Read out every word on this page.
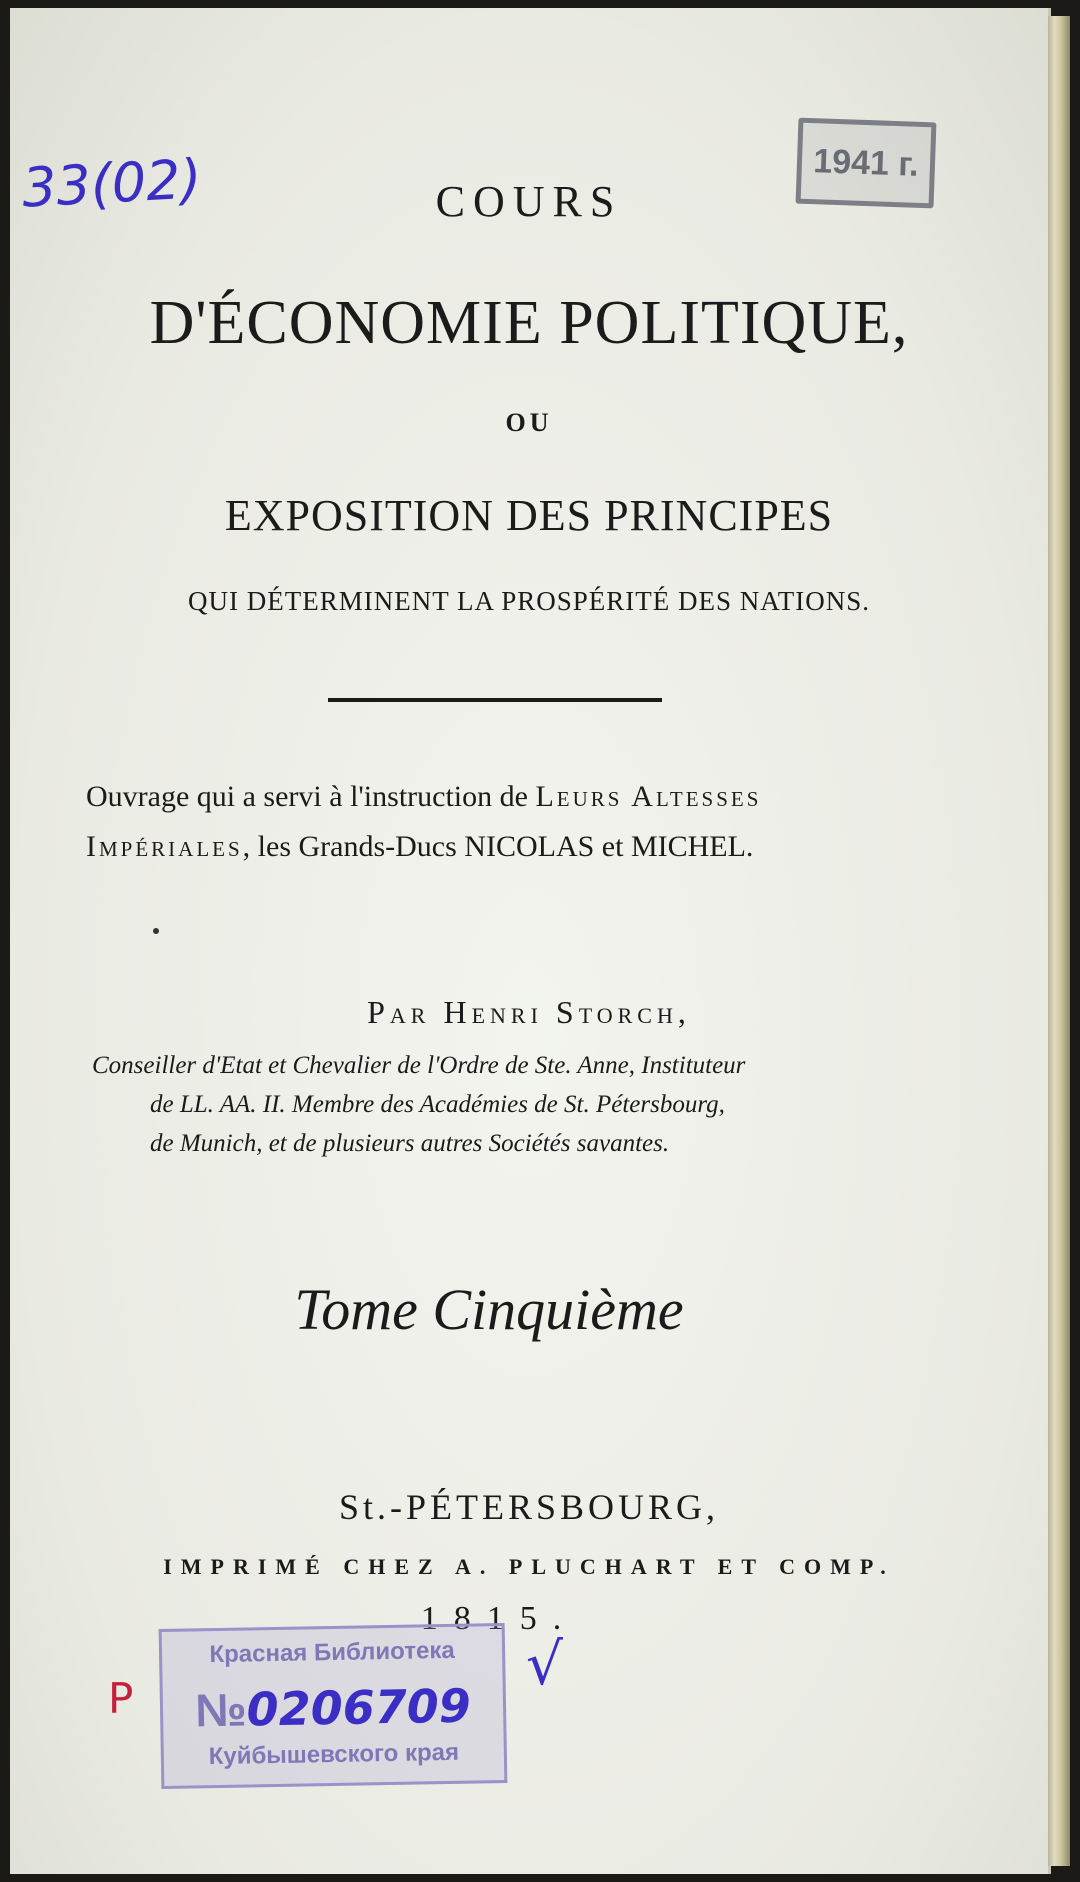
COURS
D'ÉCONOMIE POLITIQUE,
OU
EXPOSITION DES PRINCIPES
QUI DÉTERMINENT LA PROSPÉRITÉ DES NATIONS.
Ouvrage qui a servi à l'instruction de Leurs Altesses
Impériales, les Grands-Ducs NICOLAS et MICHEL.
Par Henri Storch,
Conseiller d'Etat et Chevalier de l'Ordre de Ste. Anne, Instituteur
de LL. AA. II. Membre des Académies de St. Pétersbourg,
de Munich, et de plusieurs autres Sociétés savantes.
Tome Cinquième
St.-PÉTERSBOURG,
IMPRIMÉ CHEZ A. PLUCHART ET COMP.
1815.
33(02)	1941 г.
P
Красная Библиотека
№0206709
Куйбышевского края
√
